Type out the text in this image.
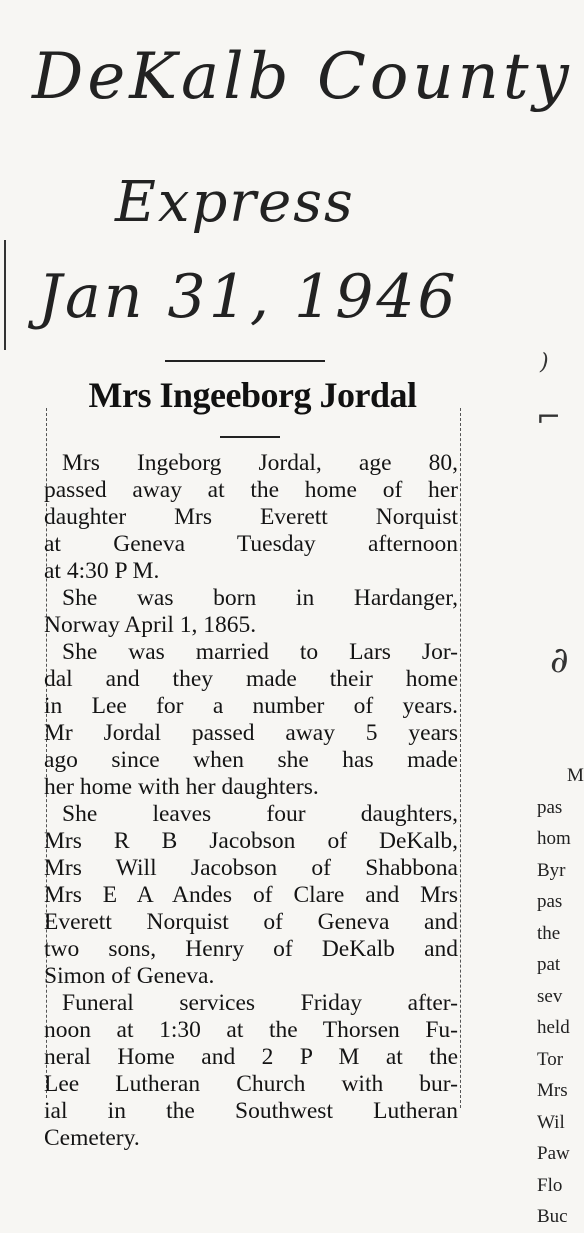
DeKalb County
Express
Jan 31, 1946
Mrs Ingeeborg Jordal

Mrs Ingeborg Jordal, age 80,

passed away at the home of her

daughter Mrs Everett Norquist

at Geneva Tuesday afternoon

at 4:30 P M.

She was born in Hardanger,

Norway April 1, 1865.

She was married to Lars Jor-

dal and they made their home

in Lee for a number of years.

Mr Jordal passed away 5 years

ago since when she has made

her home with her daughters.

She leaves four daughters,

Mrs R B Jacobson of DeKalb,

Mrs Will Jacobson of Shabbona

Mrs E A Andes of Clare and Mrs

Everett Norquist of Geneva and

two sons, Henry of DeKalb and

Simon of Geneva.

Funeral services Friday after-

noon at 1:30 at the Thorsen Fu-

neral Home and 2 P M at the

Lee Lutheran Church with bur-

ial in the Southwest Lutheran

Cemetery.

)
⌐
∂

M

pas

hom

Byr

pas

the

pat

sev

held

Tor

Mrs

Wil

Paw

Flo

Buc
